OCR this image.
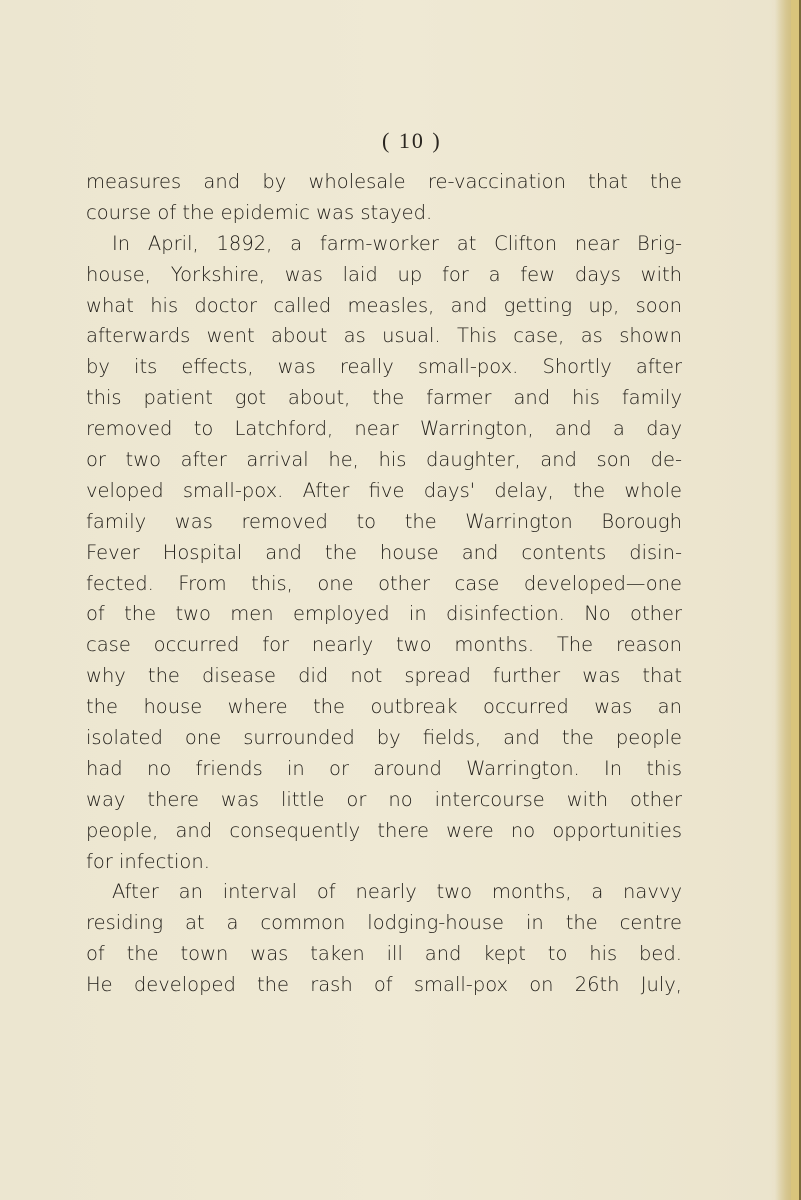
( 10 )
measures and by wholesale re-vaccination that the
course of the epidemic was stayed.
In April, 1892, a farm-worker at Clifton near Brig-
house, Yorkshire, was laid up for a few days with
what his doctor called measles, and getting up, soon
afterwards went about as usual. This case, as shown
by its effects, was really small-pox. Shortly after
this patient got about, the farmer and his family
removed to Latchford, near Warrington, and a day
or two after arrival he, his daughter, and son de-
veloped small-pox. After five days' delay, the whole
family was removed to the Warrington Borough
Fever Hospital and the house and contents disin-
fected. From this, one other case developed—one
of the two men employed in disinfection. No other
case occurred for nearly two months. The reason
why the disease did not spread further was that
the house where the outbreak occurred was an
isolated one surrounded by fields, and the people
had no friends in or around Warrington. In this
way there was little or no intercourse with other
people, and consequently there were no opportunities
for infection.
After an interval of nearly two months, a navvy
residing at a common lodging-house in the centre
of the town was taken ill and kept to his bed.
He developed the rash of small-pox on 26th July,
